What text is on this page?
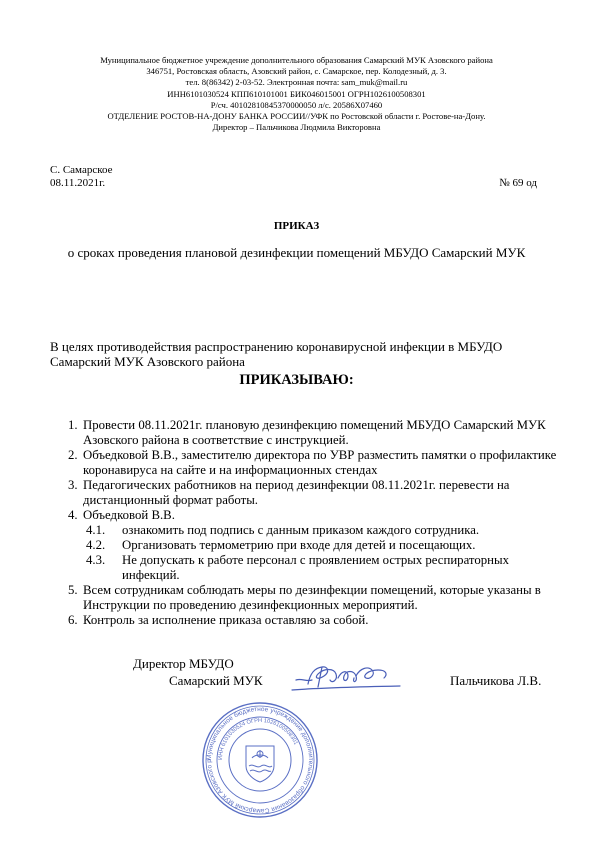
Муниципальное бюджетное учреждение дополнительного образования Самарский МУК Азовского района
346751, Ростовская область, Азовский район, с. Самарское, пер. Колодезный, д. 3.
тел. 8(86342) 2-03-52. Электронная почта: sam_muk@mail.ru
ИНН6101030524 КПП610101001 БИК046015001 ОГРН1026100508301
Р/сч. 40102810845370000050 л/с. 20586X07460
ОТДЕЛЕНИЕ РОСТОВ-НА-ДОНУ БАНКА РОССИИ//УФК по Ростовской области г. Ростове-на-Дону.
Директор – Пальчикова Людмила Викторовна
С. Самарское
08.11.2021г.	№ 69 од
ПРИКАЗ
о сроках проведения плановой дезинфекции помещений МБУДО Самарский МУК
В целях противодействия распространению коронавирусной инфекции в МБУДО Самарский МУК Азовского района
ПРИКАЗЫВАЮ:
1. Провести 08.11.2021г. плановую дезинфекцию помещений МБУДО Самарский МУК Азовского района в соответствие с инструкцией.
2. Объедковой В.В., заместителю директора по УВР разместить памятки о профилактике коронавируса на сайте и на информационных стендах
3. Педагогических работников на период дезинфекции 08.11.2021г. перевести на дистанционный формат работы.
4. Объедковой В.В.
4.1. ознакомить под подпись с данным приказом каждого сотрудника.
4.2. Организовать термометрию при входе для детей и посещающих.
4.3. Не допускать к работе персонал с проявлением острых респираторных инфекций.
5. Всем сотрудникам соблюдать меры по дезинфекции помещений, которые указаны в Инструкции по проведению дезинфекционных мероприятий.
6. Контроль за исполнение приказа оставляю за собой.
Директор МБУДО
Самарский МУК	Пальчикова Л.В.
Муниципальное бюджетное учреждение дополнительного образования Самарский МУК Азовского р
ИНН 6101030524 ОГРН 1026100508301
